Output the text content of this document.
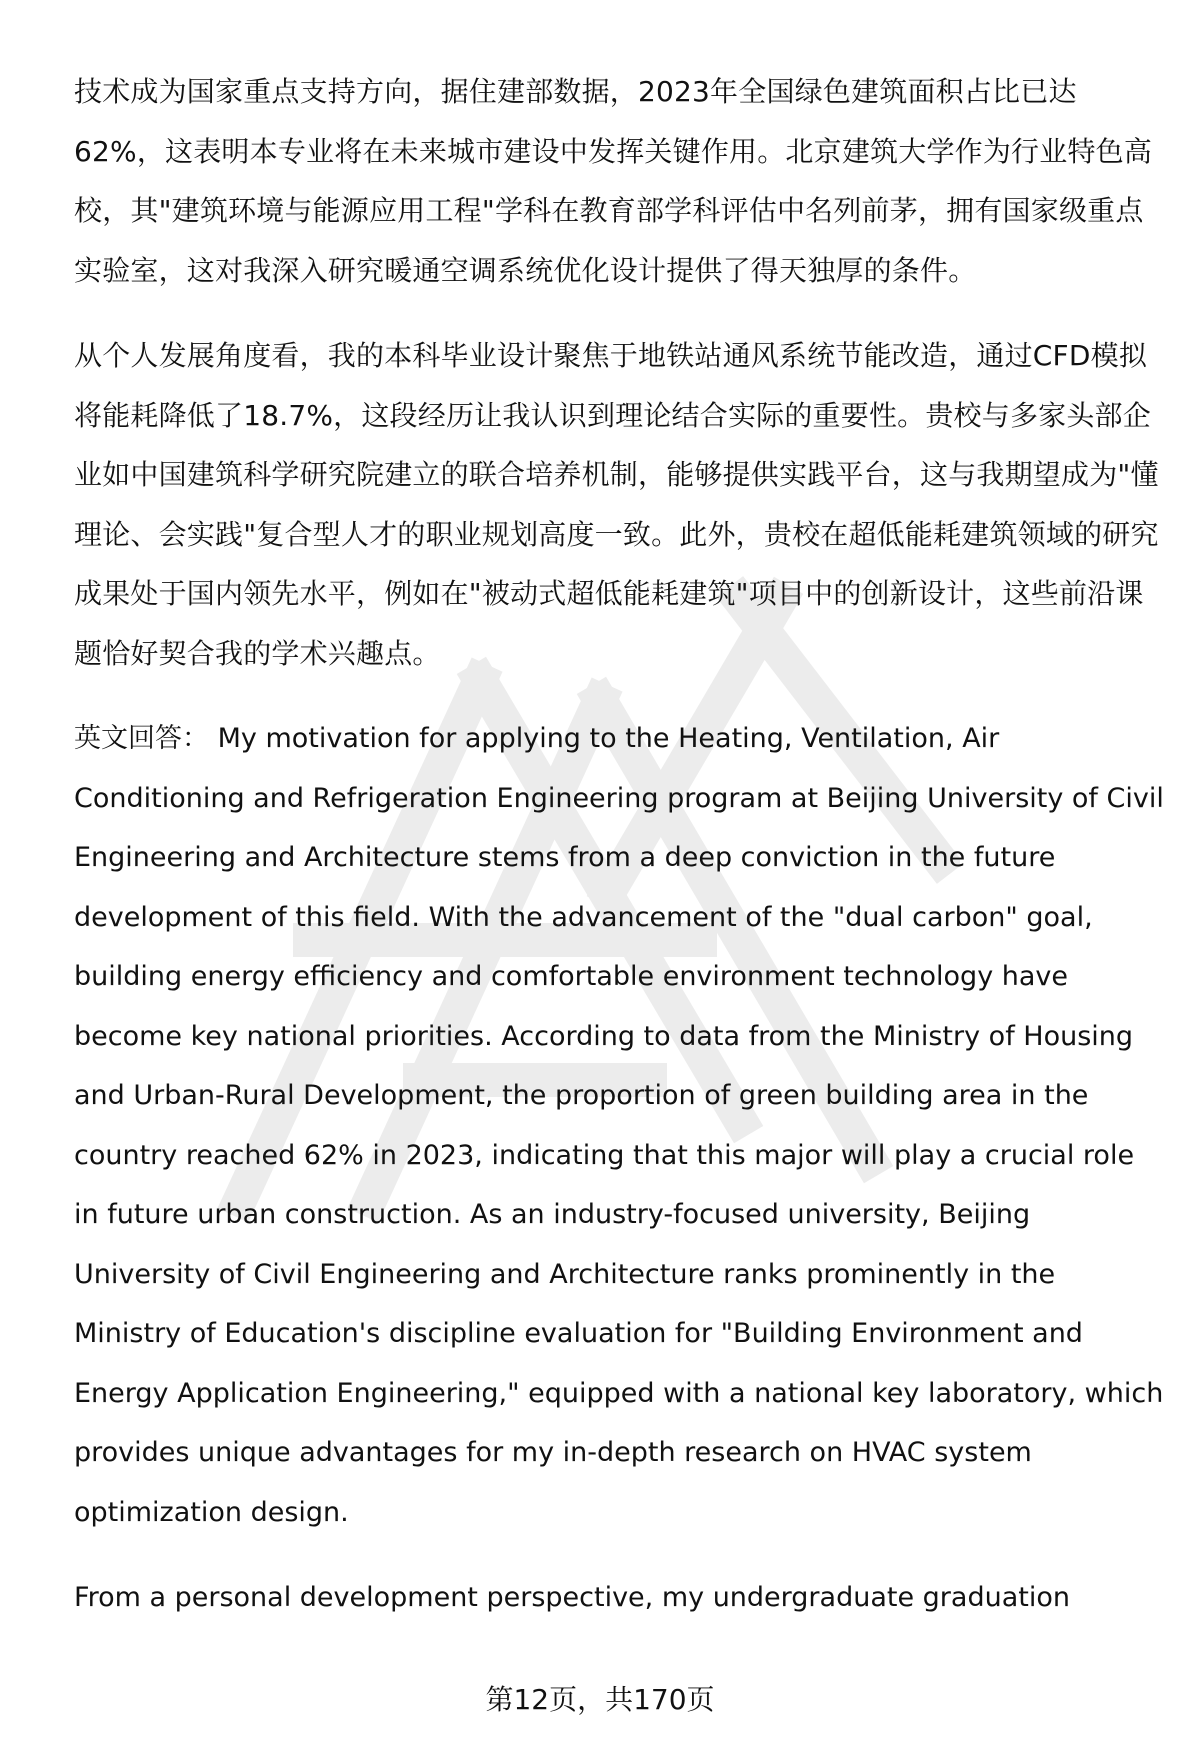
技术成为国家重点支持方向，据住建部数据，2023年全国绿色建筑面积占比已达62%，这表明本专业将在未来城市建设中发挥关键作用。北京建筑大学作为行业特色高校，其"建筑环境与能源应用工程"学科在教育部学科评估中名列前茅，拥有国家级重点实验室，这对我深入研究暖通空调系统优化设计提供了得天独厚的条件。

从个人发展角度看，我的本科毕业设计聚焦于地铁站通风系统节能改造，通过CFD模拟将能耗降低了18.7%，这段经历让我认识到理论结合实际的重要性。贵校与多家头部企业如中国建筑科学研究院建立的联合培养机制，能够提供实践平台，这与我期望成为"懂理论、会实践"复合型人才的职业规划高度一致。此外，贵校在超低能耗建筑领域的研究成果处于国内领先水平，例如在"被动式超低能耗建筑"项目中的创新设计，这些前沿课题恰好契合我的学术兴趣点。

英文回答： My motivation for applying to the Heating, Ventilation, Air Conditioning and Refrigeration Engineering program at Beijing University of Civil Engineering and Architecture stems from a deep conviction in the future development of this field. With the advancement of the "dual carbon" goal, building energy efficiency and comfortable environment technology have become key national priorities. According to data from the Ministry of Housing and Urban-Rural Development, the proportion of green building area in the country reached 62% in 2023, indicating that this major will play a crucial role in future urban construction. As an industry-focused university, Beijing University of Civil Engineering and Architecture ranks prominently in the Ministry of Education's discipline evaluation for "Building Environment and Energy Application Engineering," equipped with a national key laboratory, which provides unique advantages for my in-depth research on HVAC system optimization design.

From a personal development perspective, my undergraduate graduation

第12页，共170页
